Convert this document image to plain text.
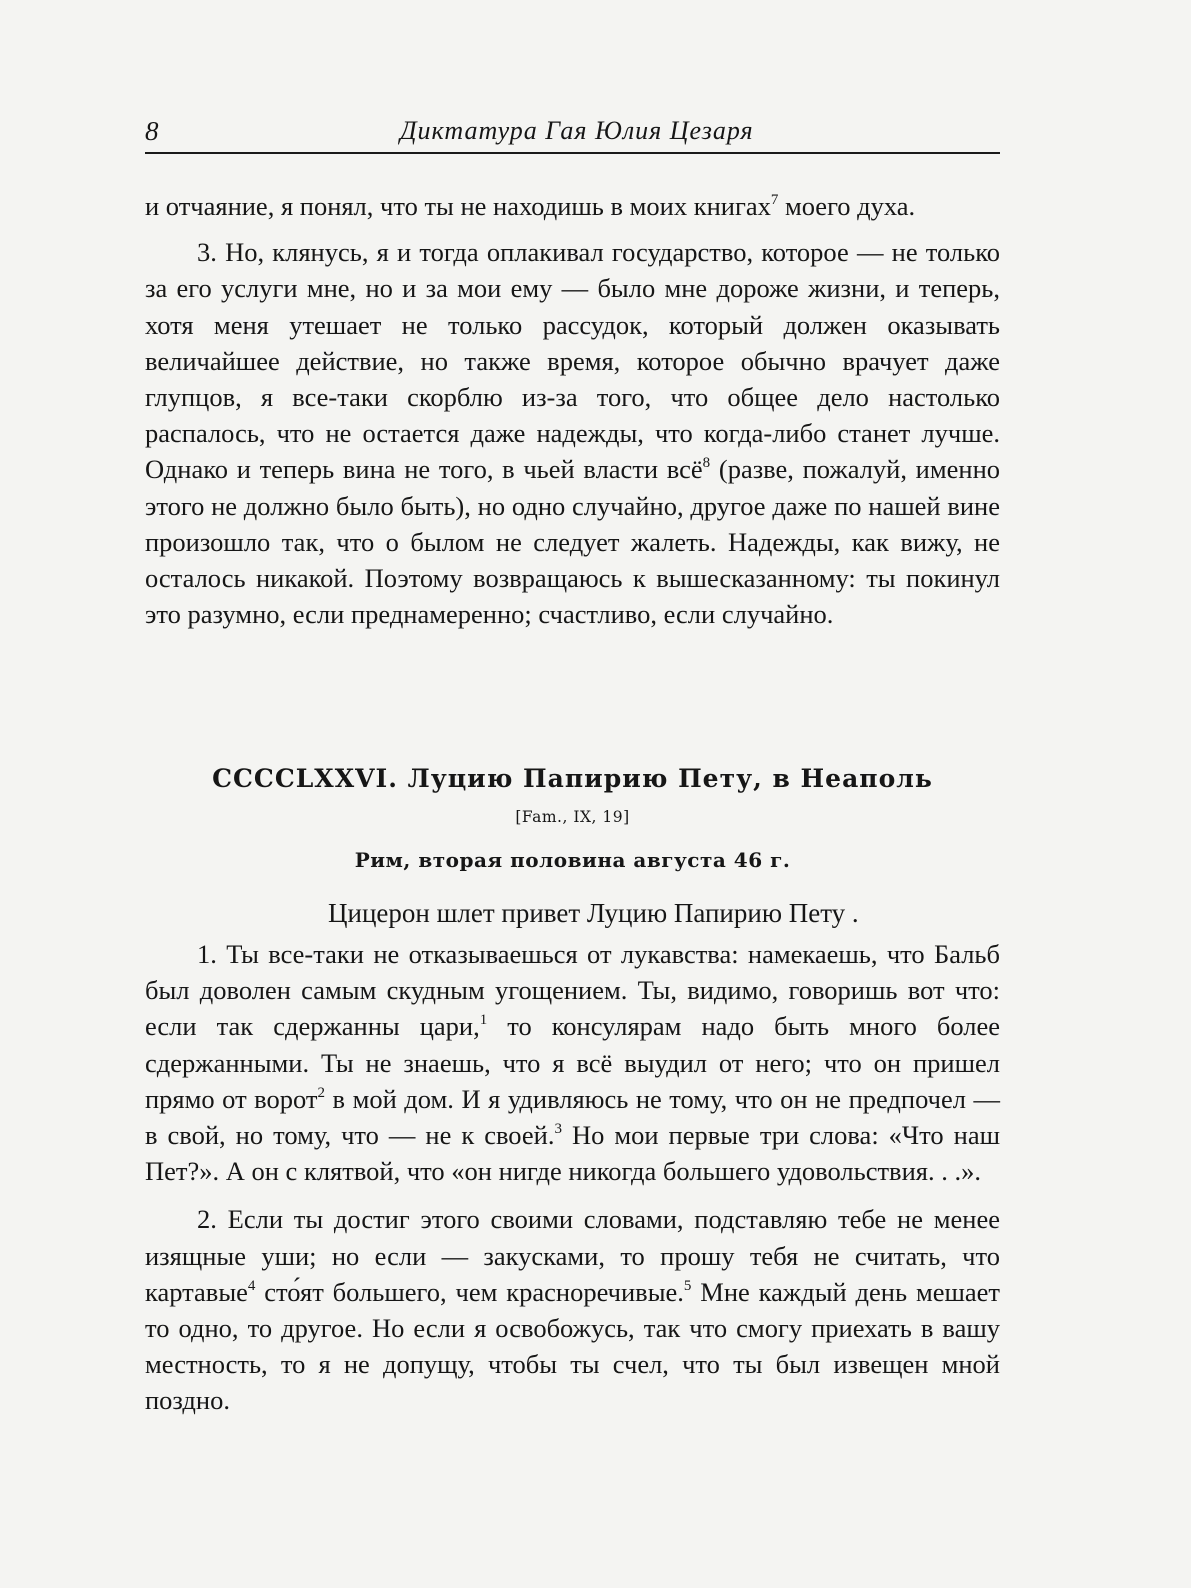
8	Диктатура Гая Юлия Цезаря

и отчаяние, я понял, что ты не находишь в моих книгах$^7$ моего духа.

3. Но, клянусь, я и тогда оплакивал государство, которое — не только за его услуги мне, но и за мои ему — было мне дороже жизни, и теперь, хотя меня утешает не только рассудок, который должен оказывать величайшее действие, но также время, которое обычно врачует даже глупцов, я все-таки скорблю из-за того, что общее дело настолько распалось, что не остается даже надежды, что когда-либо станет лучше. Однако и теперь вина не того, в чьей власти всё$^8$ (разве, пожалуй, именно этого не должно было быть), но одно случайно, другое даже по нашей вине произошло так, что о былом не следует жалеть. Надежды, как вижу, не осталось никакой. Поэтому возвращаюсь к вышесказанному: ты покинул это разумно, если преднамеренно; счастливо, если случайно.

CCCCLXXVI. Луцию Папирию Пету, в Неаполь
[Fam., IX, 19]
Рим, вторая половина августа 46 г.
Цицерон шлет привет Луцию Папирию Пету .

1. Ты все-таки не отказываешься от лукавства: намекаешь, что Бальб был доволен самым скудным угощением. Ты, видимо, говоришь вот что: если так сдержанны цари,$^1$ то консулярам надо быть много более сдержанными. Ты не знаешь, что я всё выудил от него; что он пришел прямо от ворот$^2$ в мой дом. И я удивляюсь не тому, что он не предпочел — в свой, но тому, что — не к своей.$^3$ Но мои первые три слова: «Что наш Пет?». А он с клятвой, что «он нигде никогда большего удовольствия. . .».

2. Если ты достиг этого своими словами, подставляю тебе не менее изящные уши; но если — закусками, то прошу тебя не считать, что картавые$^4$ сто́ят большего, чем красноречивые.$^5$ Мне каждый день мешает то одно, то другое. Но если я освобожусь, так что смогу приехать в вашу местность, то я не допущу, чтобы ты счел, что ты был извещен мной поздно.
